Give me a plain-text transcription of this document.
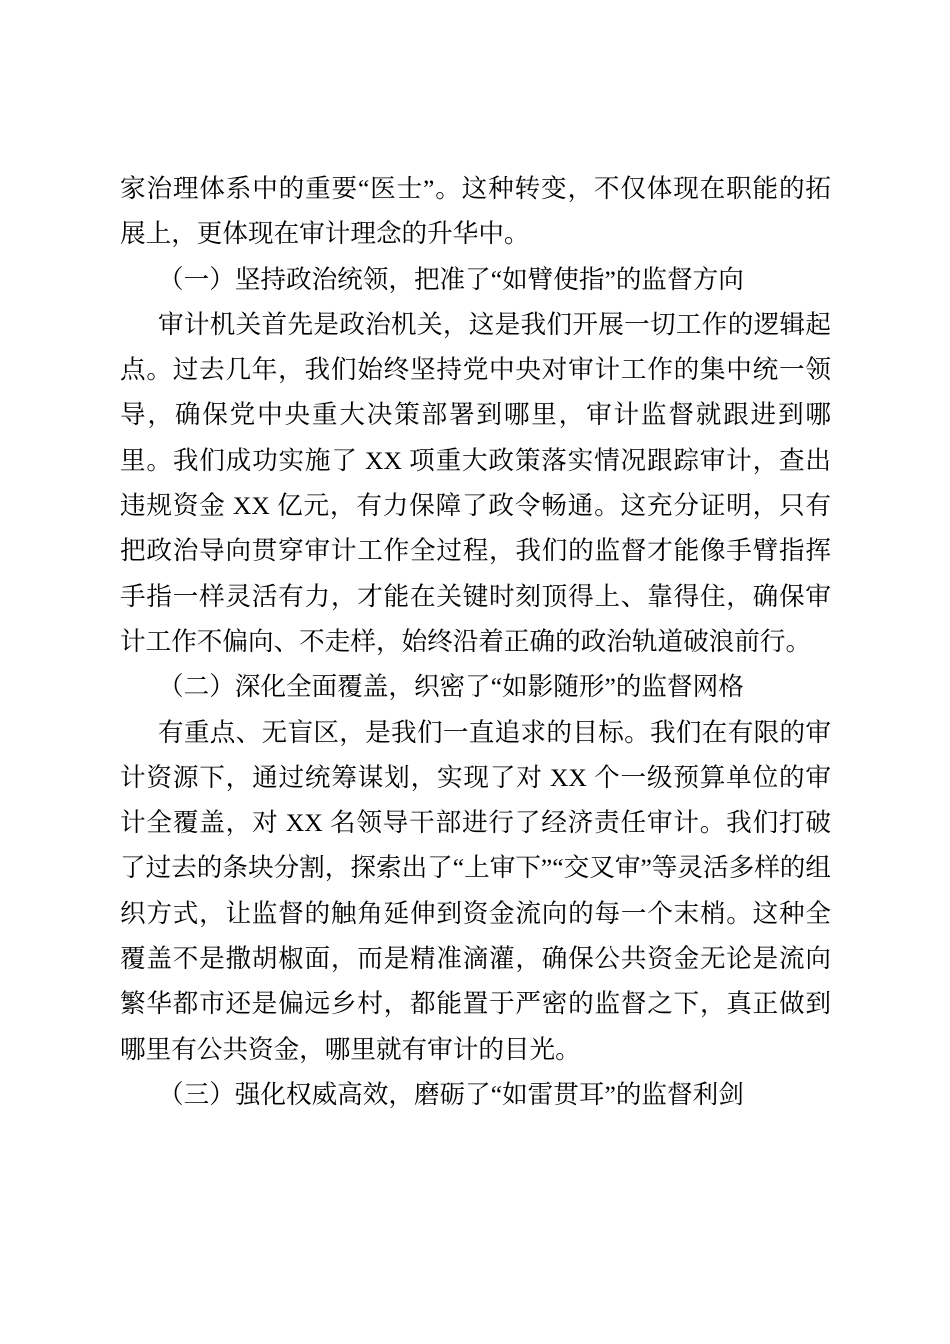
家治理体系中的重要“医士”。这种转变，不仅体现在职能的拓展上，更体现在审计理念的升华中。

（一）坚持政治统领，把准了“如臂使指”的监督方向

审计机关首先是政治机关，这是我们开展一切工作的逻辑起点。过去几年，我们始终坚持党中央对审计工作的集中统一领导，确保党中央重大决策部署到哪里，审计监督就跟进到哪里。我们成功实施了 XX 项重大政策落实情况跟踪审计，查出违规资金 XX 亿元，有力保障了政令畅通。这充分证明，只有把政治导向贯穿审计工作全过程，我们的监督才能像手臂指挥手指一样灵活有力，才能在关键时刻顶得上、靠得住，确保审计工作不偏向、不走样，始终沿着正确的政治轨道破浪前行。

（二）深化全面覆盖，织密了“如影随形”的监督网格

有重点、无盲区，是我们一直追求的目标。我们在有限的审计资源下，通过统筹谋划，实现了对 XX 个一级预算单位的审计全覆盖，对 XX 名领导干部进行了经济责任审计。我们打破了过去的条块分割，探索出了“上审下”“交叉审”等灵活多样的组织方式，让监督的触角延伸到资金流向的每一个末梢。这种全覆盖不是撒胡椒面，而是精准滴灌，确保公共资金无论是流向繁华都市还是偏远乡村，都能置于严密的监督之下，真正做到哪里有公共资金，哪里就有审计的目光。

（三）强化权威高效，磨砺了“如雷贯耳”的监督利剑
